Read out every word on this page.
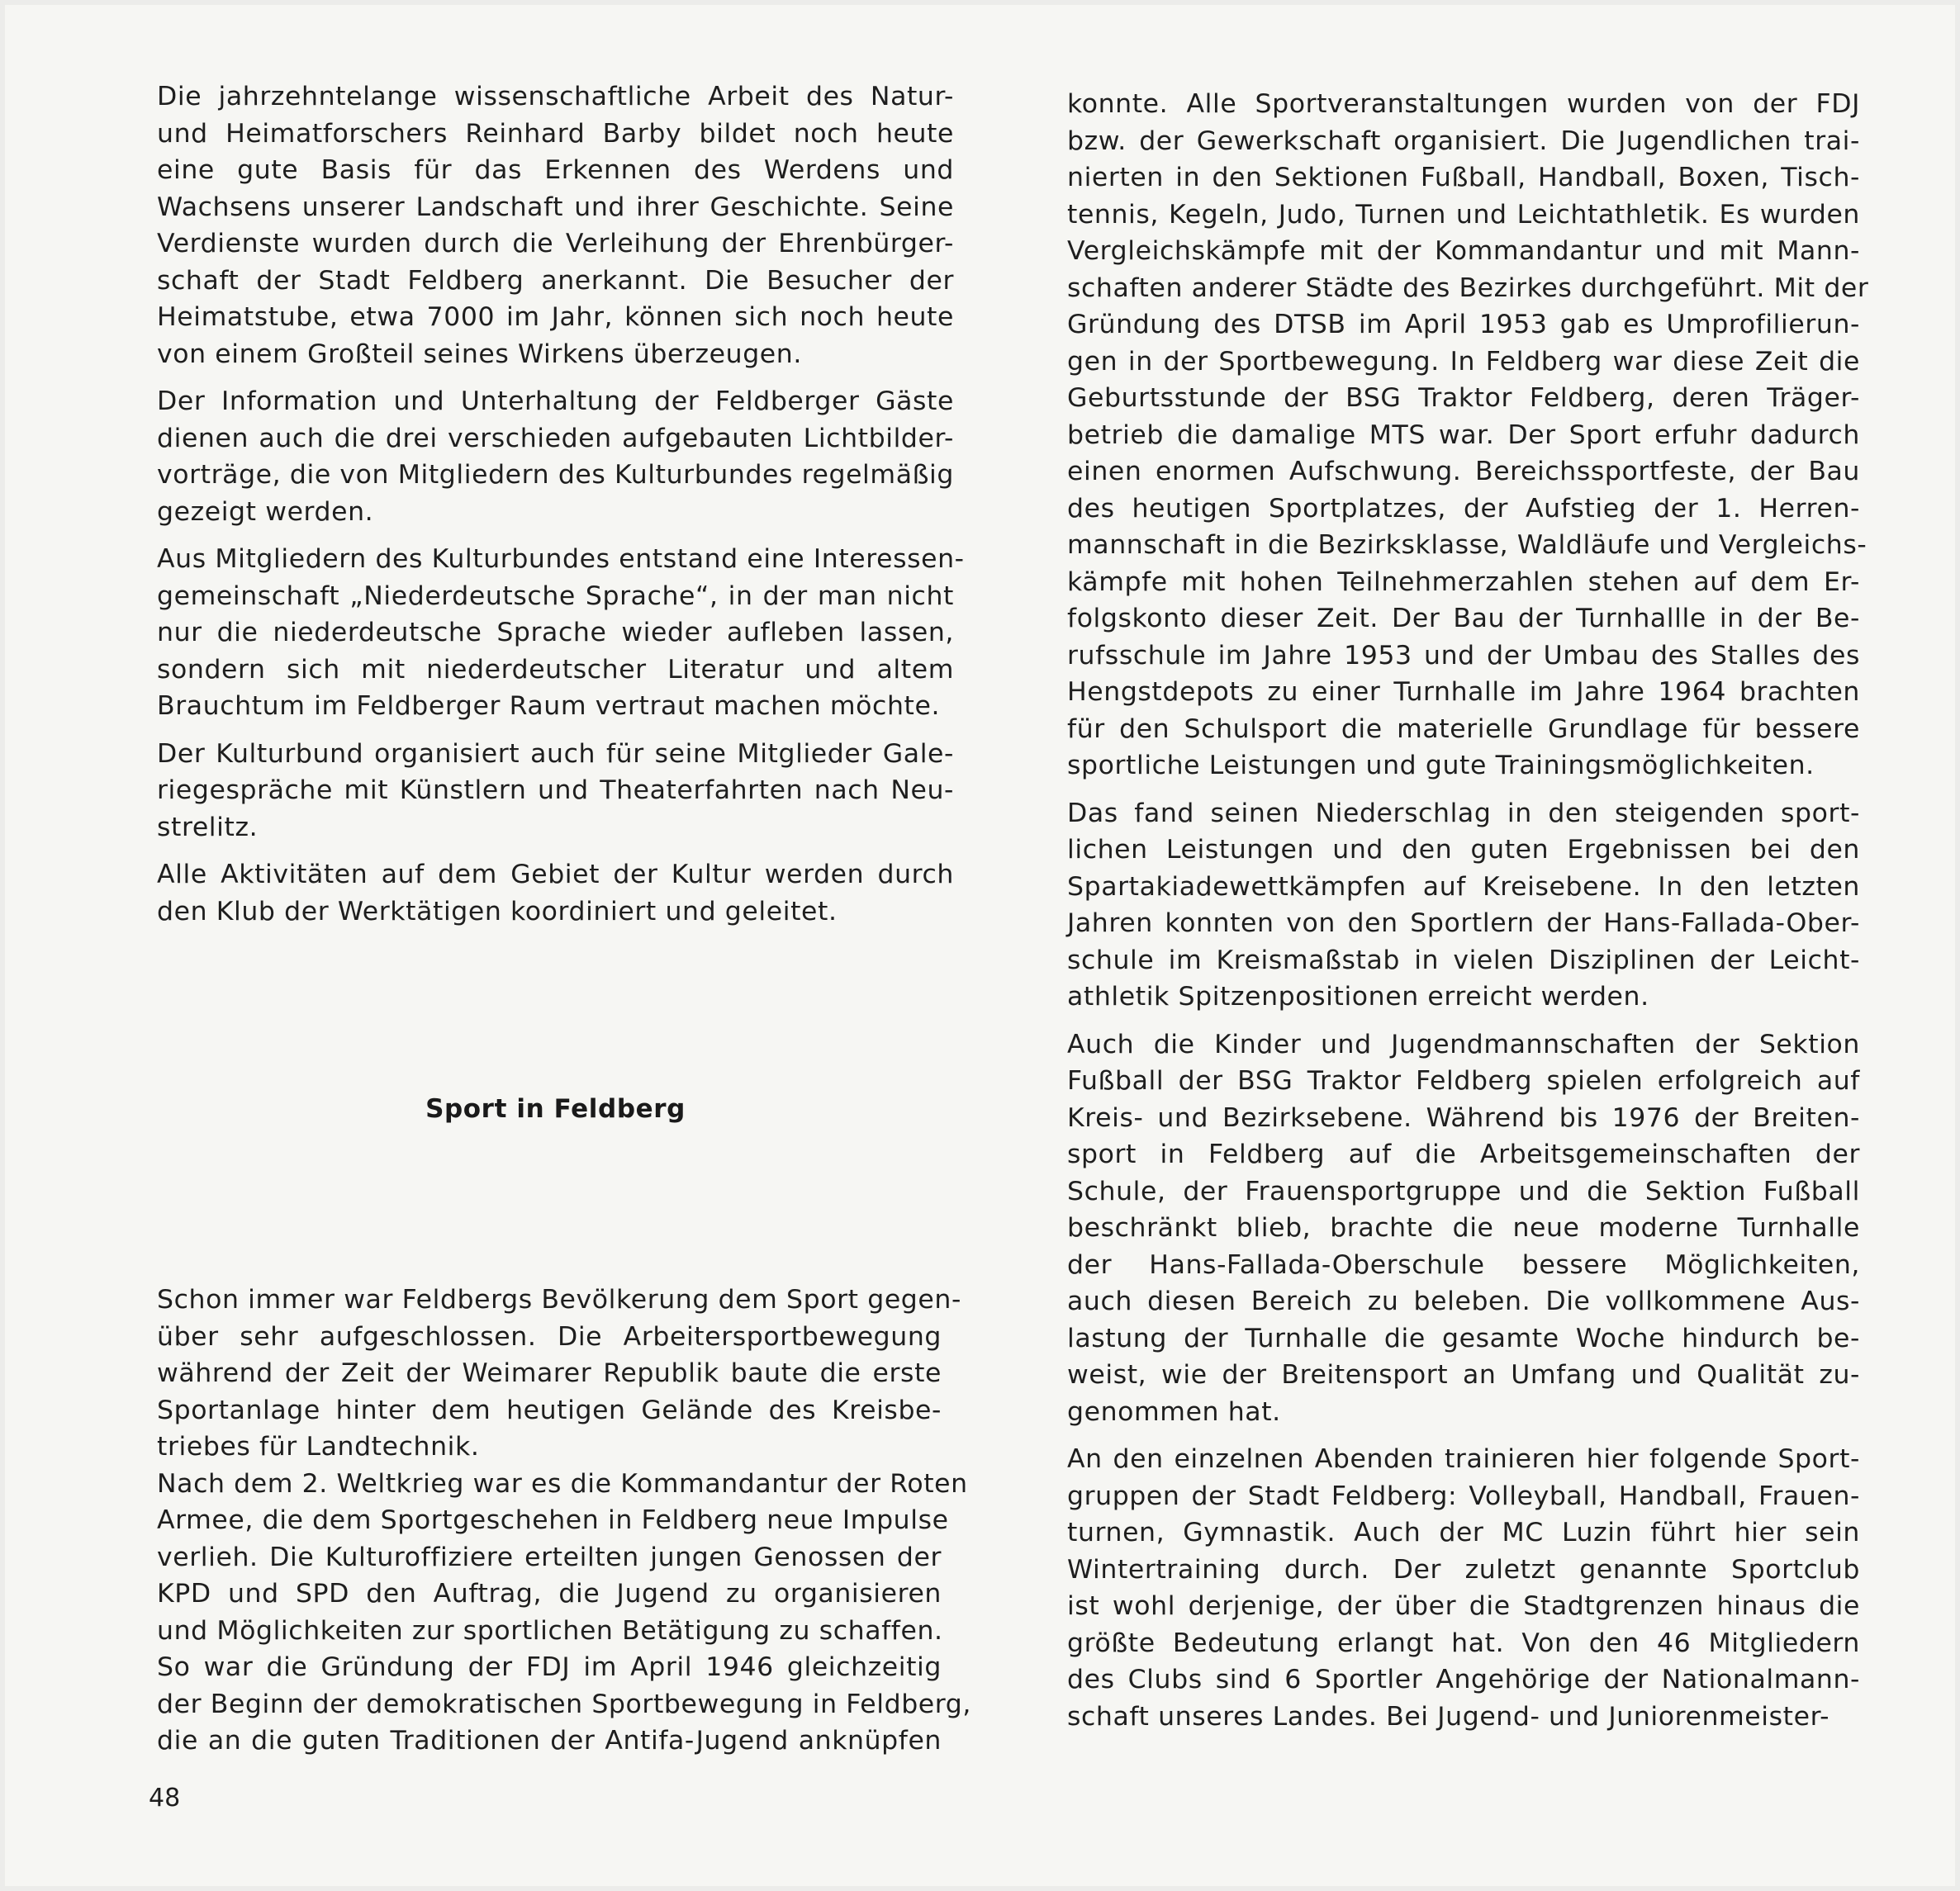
Die jahrzehntelange wissenschaftliche Arbeit des Natur-
und Heimatforschers Reinhard Barby bildet noch heute
eine gute Basis für das Erkennen des Werdens und
Wachsens unserer Landschaft und ihrer Geschichte. Seine
Verdienste wurden durch die Verleihung der Ehrenbürger-
schaft der Stadt Feldberg anerkannt. Die Besucher der
Heimatstube, etwa 7000 im Jahr, können sich noch heute
von einem Großteil seines Wirkens überzeugen.
Der Information und Unterhaltung der Feldberger Gäste
dienen auch die drei verschieden aufgebauten Lichtbilder-
vorträge, die von Mitgliedern des Kulturbundes regelmäßig
gezeigt werden.
Aus Mitgliedern des Kulturbundes entstand eine Interessen-
gemeinschaft „Niederdeutsche Sprache“, in der man nicht
nur die niederdeutsche Sprache wieder aufleben lassen,
sondern sich mit niederdeutscher Literatur und altem
Brauchtum im Feldberger Raum vertraut machen möchte.
Der Kulturbund organisiert auch für seine Mitglieder Gale-
riegespräche mit Künstlern und Theaterfahrten nach Neu-
strelitz.
Alle Aktivitäten auf dem Gebiet der Kultur werden durch
den Klub der Werktätigen koordiniert und geleitet.
Sport in Feldberg
Schon immer war Feldbergs Bevölkerung dem Sport gegen-
über sehr aufgeschlossen. Die Arbeitersportbewegung
während der Zeit der Weimarer Republik baute die erste
Sportanlage hinter dem heutigen Gelände des Kreisbe-
triebes für Landtechnik.
Nach dem 2. Weltkrieg war es die Kommandantur der Roten
Armee, die dem Sportgeschehen in Feldberg neue Impulse
verlieh. Die Kulturoffiziere erteilten jungen Genossen der
KPD und SPD den Auftrag, die Jugend zu organisieren
und Möglichkeiten zur sportlichen Betätigung zu schaffen.
So war die Gründung der FDJ im April 1946 gleichzeitig
der Beginn der demokratischen Sportbewegung in Feldberg,
die an die guten Traditionen der Antifa-Jugend anknüpfen
konnte. Alle Sportveranstaltungen wurden von der FDJ
bzw. der Gewerkschaft organisiert. Die Jugendlichen trai-
nierten in den Sektionen Fußball, Handball, Boxen, Tisch-
tennis, Kegeln, Judo, Turnen und Leichtathletik. Es wurden
Vergleichskämpfe mit der Kommandantur und mit Mann-
schaften anderer Städte des Bezirkes durchgeführt. Mit der
Gründung des DTSB im April 1953 gab es Umprofilierun-
gen in der Sportbewegung. In Feldberg war diese Zeit die
Geburtsstunde der BSG Traktor Feldberg, deren Träger-
betrieb die damalige MTS war. Der Sport erfuhr dadurch
einen enormen Aufschwung. Bereichssportfeste, der Bau
des heutigen Sportplatzes, der Aufstieg der 1. Herren-
mannschaft in die Bezirksklasse, Waldläufe und Vergleichs-
kämpfe mit hohen Teilnehmerzahlen stehen auf dem Er-
folgskonto dieser Zeit. Der Bau der Turnhallle in der Be-
rufsschule im Jahre 1953 und der Umbau des Stalles des
Hengstdepots zu einer Turnhalle im Jahre 1964 brachten
für den Schulsport die materielle Grundlage für bessere
sportliche Leistungen und gute Trainingsmöglichkeiten.
Das fand seinen Niederschlag in den steigenden sport-
lichen Leistungen und den guten Ergebnissen bei den
Spartakiadewettkämpfen auf Kreisebene. In den letzten
Jahren konnten von den Sportlern der Hans-Fallada-Ober-
schule im Kreismaßstab in vielen Disziplinen der Leicht-
athletik Spitzenpositionen erreicht werden.
Auch die Kinder und Jugendmannschaften der Sektion
Fußball der BSG Traktor Feldberg spielen erfolgreich auf
Kreis- und Bezirksebene. Während bis 1976 der Breiten-
sport in Feldberg auf die Arbeitsgemeinschaften der
Schule, der Frauensportgruppe und die Sektion Fußball
beschränkt blieb, brachte die neue moderne Turnhalle
der Hans-Fallada-Oberschule bessere Möglichkeiten,
auch diesen Bereich zu beleben. Die vollkommene Aus-
lastung der Turnhalle die gesamte Woche hindurch be-
weist, wie der Breitensport an Umfang und Qualität zu-
genommen hat.
An den einzelnen Abenden trainieren hier folgende Sport-
gruppen der Stadt Feldberg: Volleyball, Handball, Frauen-
turnen, Gymnastik. Auch der MC Luzin führt hier sein
Wintertraining durch. Der zuletzt genannte Sportclub
ist wohl derjenige, der über die Stadtgrenzen hinaus die
größte Bedeutung erlangt hat. Von den 46 Mitgliedern
des Clubs sind 6 Sportler Angehörige der Nationalmann-
schaft unseres Landes. Bei Jugend- und Juniorenmeister-
48
